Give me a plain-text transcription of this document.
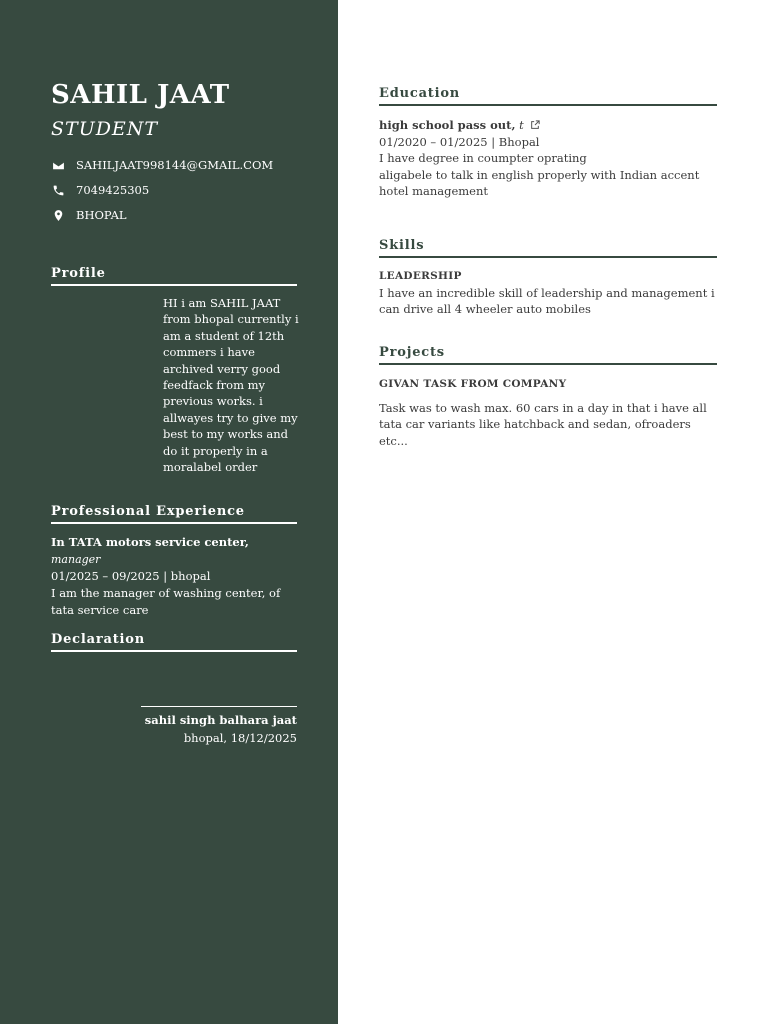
SAHIL JAAT
STUDENT
SAHILJAAT998144@GMAIL.COM
7049425305
BHOPAL
Profile
HI i am SAHIL JAAT
from bhopal currently i
am a student of 12th
commers i have
archived verry good
feedfack from my
previous works. i
allwayes try to give my
best to my works and
do it properly in a
moralabel order
Professional Experience
In TATA motors service center, manager
01/2025 – 09/2025 | bhopal
I am the manager of washing center, of tata service care
Declaration
sahil singh balhara jaat
bhopal, 18/12/2025
Education
high school pass out, t
01/2020 – 01/2025 | Bhopal
I have degree in coumpter oprating
aligabele to talk in english properly with Indian accent
hotel management
Skills
LEADERSHIP
I have an incredible skill of leadership and management i can drive all 4 wheeler auto mobiles
Projects
GIVAN TASK FROM COMPANY
Task was to wash max. 60 cars in a day in that i have all tata car variants like hatchback and sedan, ofroaders etc...
